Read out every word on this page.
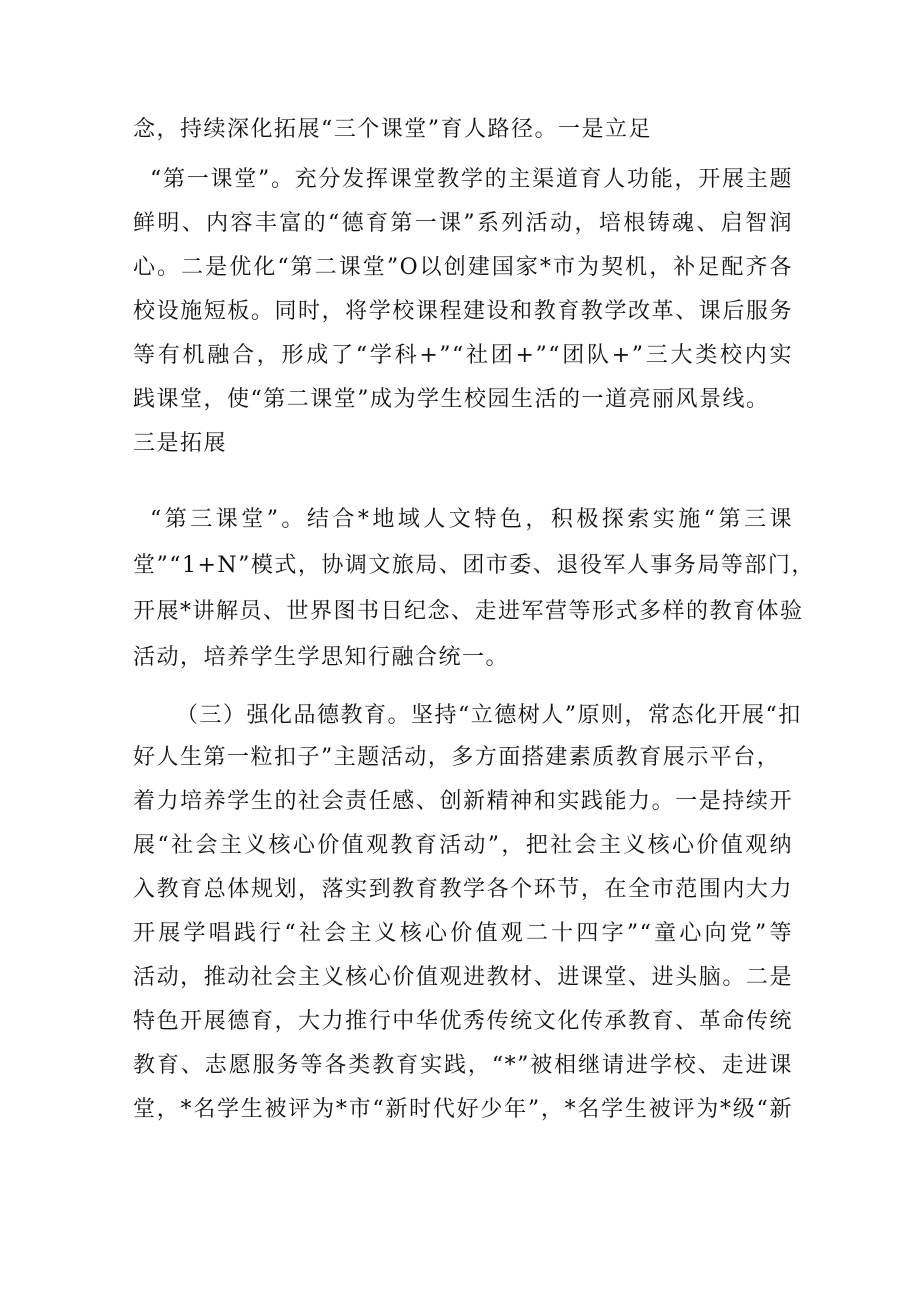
念，持续深化拓展“三个课堂”育人路径。一是立足
“第一课堂”。充分发挥课堂教学的主渠道育人功能，开展主题
鲜明、内容丰富的“德育第一课”系列活动，培根铸魂、启智润
心。二是优化“第二课堂”O以创建国家*市为契机，补足配齐各
校设施短板。同时，将学校课程建设和教育教学改革、课后服务
等有机融合，形成了“学科+”“社团+”“团队+”三大类校内实
践课堂，使“第二课堂”成为学生校园生活的一道亮丽风景线。
三是拓展
“第三课堂”。结合*地域人文特色，积极探索实施“第三课
堂”“1+N”模式，协调文旅局、团市委、退役军人事务局等部门，
开展*讲解员、世界图书日纪念、走进军营等形式多样的教育体验
活动，培养学生学思知行融合统一。
（三）强化品德教育。坚持“立德树人”原则，常态化开展“扣
好人生第一粒扣子”主题活动，多方面搭建素质教育展示平台，
着力培养学生的社会责任感、创新精神和实践能力。一是持续开
展“社会主义核心价值观教育活动”，把社会主义核心价值观纳
入教育总体规划，落实到教育教学各个环节，在全市范围内大力
开展学唱践行“社会主义核心价值观二十四字”“童心向党”等
活动，推动社会主义核心价值观进教材、进课堂、进头脑。二是
特色开展德育，大力推行中华优秀传统文化传承教育、革命传统
教育、志愿服务等各类教育实践，“*”被相继请进学校、走进课
堂，*名学生被评为*市“新时代好少年”，*名学生被评为*级“新
